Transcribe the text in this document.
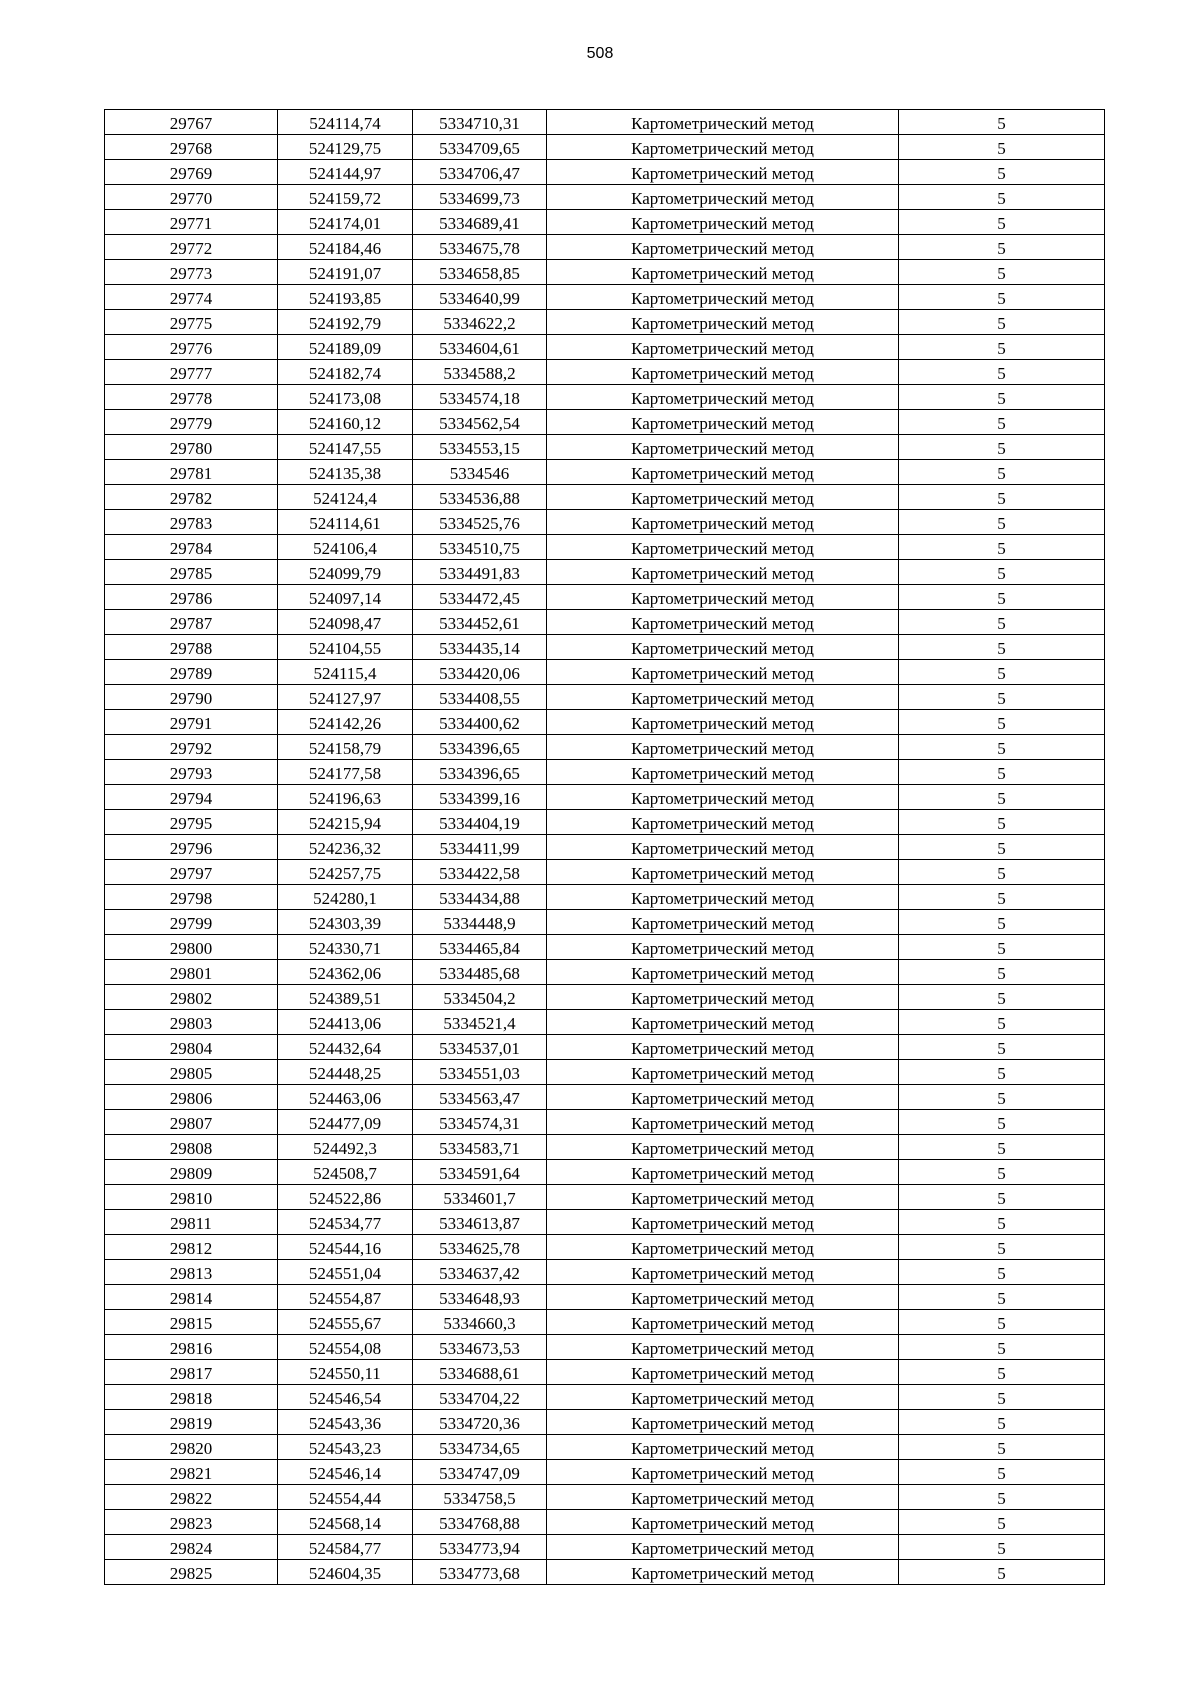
508
29767	524114,74	5334710,31	Картометрический метод	5
29768	524129,75	5334709,65	Картометрический метод	5
29769	524144,97	5334706,47	Картометрический метод	5
29770	524159,72	5334699,73	Картометрический метод	5
29771	524174,01	5334689,41	Картометрический метод	5
29772	524184,46	5334675,78	Картометрический метод	5
29773	524191,07	5334658,85	Картометрический метод	5
29774	524193,85	5334640,99	Картометрический метод	5
29775	524192,79	5334622,2	Картометрический метод	5
29776	524189,09	5334604,61	Картометрический метод	5
29777	524182,74	5334588,2	Картометрический метод	5
29778	524173,08	5334574,18	Картометрический метод	5
29779	524160,12	5334562,54	Картометрический метод	5
29780	524147,55	5334553,15	Картометрический метод	5
29781	524135,38	5334546	Картометрический метод	5
29782	524124,4	5334536,88	Картометрический метод	5
29783	524114,61	5334525,76	Картометрический метод	5
29784	524106,4	5334510,75	Картометрический метод	5
29785	524099,79	5334491,83	Картометрический метод	5
29786	524097,14	5334472,45	Картометрический метод	5
29787	524098,47	5334452,61	Картометрический метод	5
29788	524104,55	5334435,14	Картометрический метод	5
29789	524115,4	5334420,06	Картометрический метод	5
29790	524127,97	5334408,55	Картометрический метод	5
29791	524142,26	5334400,62	Картометрический метод	5
29792	524158,79	5334396,65	Картометрический метод	5
29793	524177,58	5334396,65	Картометрический метод	5
29794	524196,63	5334399,16	Картометрический метод	5
29795	524215,94	5334404,19	Картометрический метод	5
29796	524236,32	5334411,99	Картометрический метод	5
29797	524257,75	5334422,58	Картометрический метод	5
29798	524280,1	5334434,88	Картометрический метод	5
29799	524303,39	5334448,9	Картометрический метод	5
29800	524330,71	5334465,84	Картометрический метод	5
29801	524362,06	5334485,68	Картометрический метод	5
29802	524389,51	5334504,2	Картометрический метод	5
29803	524413,06	5334521,4	Картометрический метод	5
29804	524432,64	5334537,01	Картометрический метод	5
29805	524448,25	5334551,03	Картометрический метод	5
29806	524463,06	5334563,47	Картометрический метод	5
29807	524477,09	5334574,31	Картометрический метод	5
29808	524492,3	5334583,71	Картометрический метод	5
29809	524508,7	5334591,64	Картометрический метод	5
29810	524522,86	5334601,7	Картометрический метод	5
29811	524534,77	5334613,87	Картометрический метод	5
29812	524544,16	5334625,78	Картометрический метод	5
29813	524551,04	5334637,42	Картометрический метод	5
29814	524554,87	5334648,93	Картометрический метод	5
29815	524555,67	5334660,3	Картометрический метод	5
29816	524554,08	5334673,53	Картометрический метод	5
29817	524550,11	5334688,61	Картометрический метод	5
29818	524546,54	5334704,22	Картометрический метод	5
29819	524543,36	5334720,36	Картометрический метод	5
29820	524543,23	5334734,65	Картометрический метод	5
29821	524546,14	5334747,09	Картометрический метод	5
29822	524554,44	5334758,5	Картометрический метод	5
29823	524568,14	5334768,88	Картометрический метод	5
29824	524584,77	5334773,94	Картометрический метод	5
29825	524604,35	5334773,68	Картометрический метод	5
